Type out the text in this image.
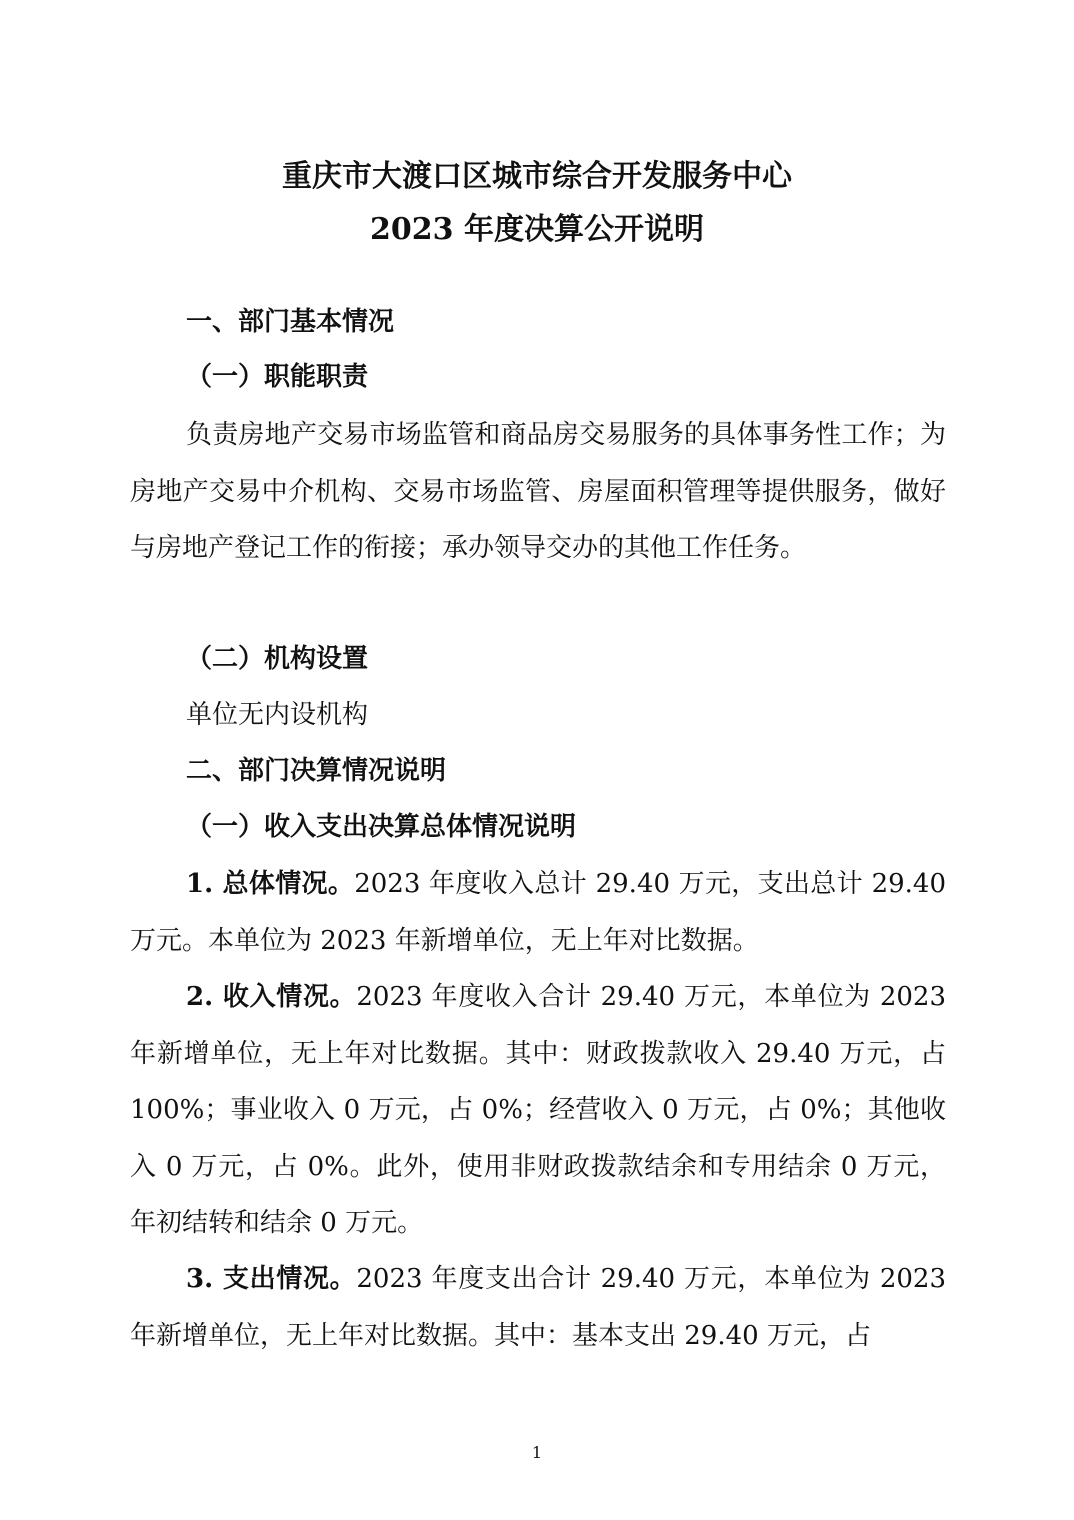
重庆市大渡口区城市综合开发服务中心
2023 年度决算公开说明
一、部门基本情况
（一）职能职责
负责房地产交易市场监管和商品房交易服务的具体事务性工作；为房地产交易中介机构、交易市场监管、房屋面积管理等提供服务，做好与房地产登记工作的衔接；承办领导交办的其他工作任务。
（二）机构设置
单位无内设机构
二、部门决算情况说明
（一）收入支出决算总体情况说明
1. 总体情况。2023 年度收入总计 29.40 万元，支出总计 29.40 万元。本单位为 2023 年新增单位，无上年对比数据。
2. 收入情况。2023 年度收入合计 29.40 万元，本单位为 2023 年新增单位，无上年对比数据。其中：财政拨款收入 29.40 万元，占 100%；事业收入 0 万元，占 0%；经营收入 0 万元，占 0%；其他收入 0 万元，占 0%。此外，使用非财政拨款结余和专用结余 0 万元，年初结转和结余 0 万元。
3. 支出情况。2023 年度支出合计 29.40 万元，本单位为 2023 年新增单位，无上年对比数据。其中：基本支出 29.40 万元，占
1
